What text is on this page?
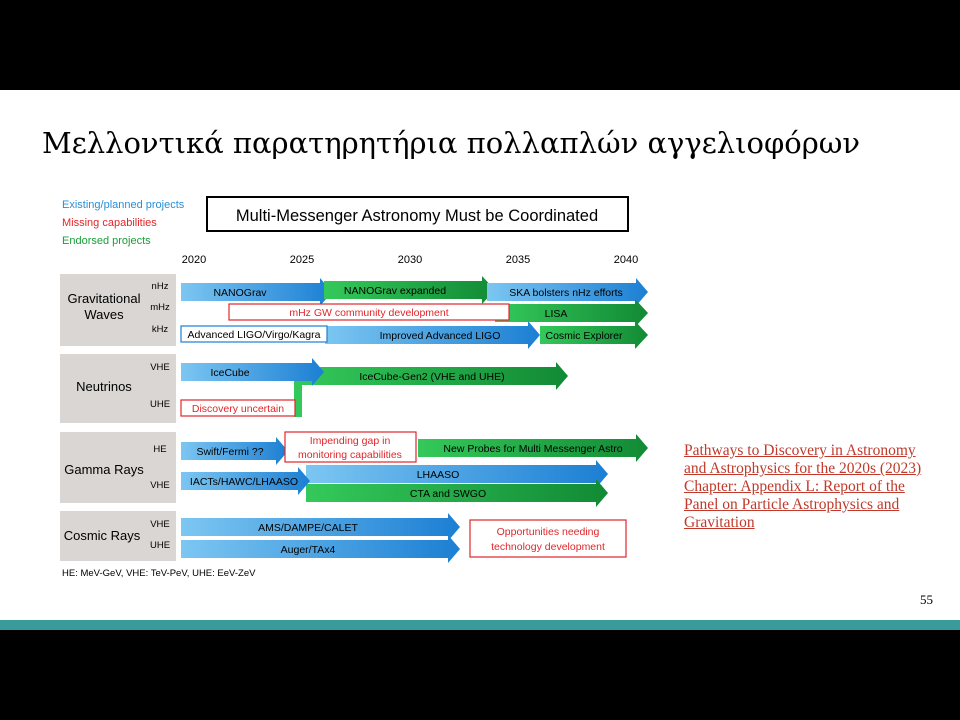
Μελλοντικά παρατηρητήρια πολλαπλών αγγελιοφόρων
Existing/planned projects
Missing capabilities
Endorsed projects
Multi-Messenger Astronomy Must be Coordinated
2020	2025	2030	2035	2040
Gravitational
Waves
Neutrinos
Gamma Rays
Cosmic Rays
nHz
mHz
kHz
VHE
UHE
HE
VHE
VHE
UHE
NANOGrav	NANOGrav expanded	SKA bolsters nHz efforts
LISA
mHz GW community development
Improved Advanced LIGO	Cosmic Explorer
Advanced LIGO/Virgo/Kagra
IceCube	IceCube-Gen2 (VHE and UHE)
Discovery uncertain
Swift/Fermi ??
Impending gap in
monitoring capabilities	New Probes for Multi Messenger Astro
LHAASO
CTA and SWGO
IACTs/HAWC/LHAASO
AMS/DAMPE/CALET
Auger/TAx4
Opportunities needing
technology development
HE: MeV-GeV, VHE: TeV-PeV, UHE: EeV-ZeV
Pathways to Discovery in Astronomy
and Astrophysics for the 2020s (2023)
Chapter: Appendix L: Report of the
Panel on Particle Astrophysics and
Gravitation
55
